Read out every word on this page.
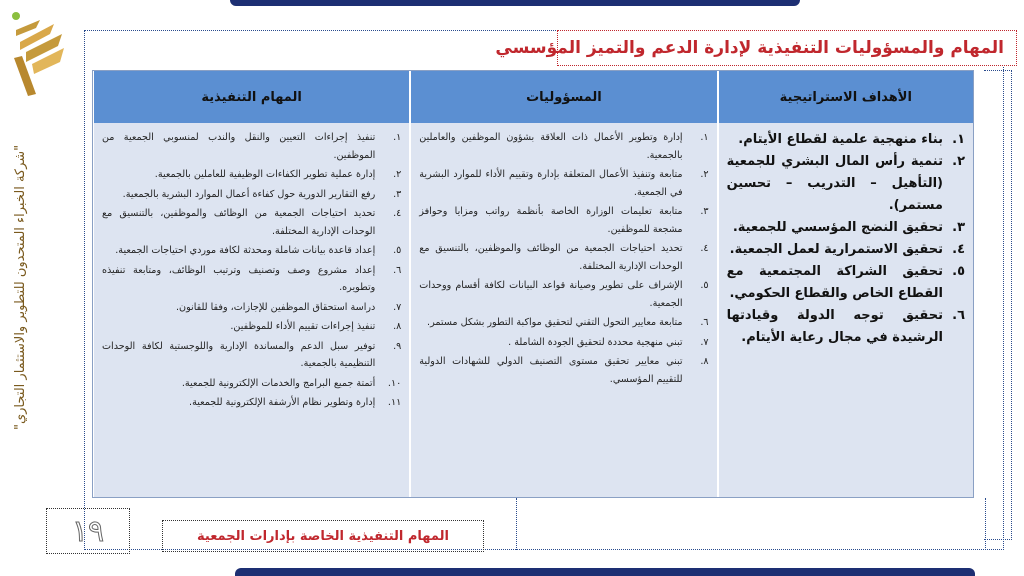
"شركة الخبراء المتحدون للتطوير والاستثمار التجاري"
المهام والمسؤوليات التنفيذية لإدارة الدعم والتميز المؤسسي
الأهداف الاستراتيجية
١.
بناء منهجية علمية لقطاع الأيتام.
٢.
تنمية رأس المال البشري للجمعية (التأهيل – التدريب – تحسين مستمر).
٣.
تحقيق النضج المؤسسي للجمعية.
٤.
تحقيق الاستمرارية لعمل الجمعية.
٥.
تحقيق الشراكة المجتمعية مع القطاع الخاص والقطاع الحكومي.
٦.
تحقيق توجه الدولة وقيادتها الرشيدة في مجال رعاية الأيتام.
المسؤوليات
١.
إدارة وتطوير الأعمال ذات العلاقة بشؤون الموظفين والعاملين بالجمعية.
٢.
متابعة وتنفيذ الأعمال المتعلقة بإدارة وتقييم الأداء للموارد البشرية في الجمعية.
٣.
متابعة تعليمات الوزارة الخاصة بأنظمة رواتب ومزايا وحوافز مشجعة للموظفين.
٤.
تحديد احتياجات الجمعية من الوظائف والموظفين، بالتنسيق مع الوحدات الإدارية المختلفة.
٥.
الإشراف على تطوير وصيانة قواعد البيانات لكافة أقسام ووحدات الجمعية.
٦.
متابعة معايير التحول التقني لتحقيق مواكبة التطور بشكل مستمر.
٧.
تبني منهجية محددة لتحقيق الجودة الشاملة .
٨.
تبني معايير تحقيق مستوى التصنيف الدولي للشهادات الدولية للتقييم المؤسسي.
المهام التنفيذية
١.
تنفيذ إجراءات التعيين والنقل والندب لمنسوبي الجمعية من الموظفين.
٢.
إدارة عملية تطوير الكفاءات الوظيفية للعاملين بالجمعية.
٣.
رفع التقارير الدورية حول كفاءة أعمال الموارد البشرية بالجمعية.
٤.
تحديد احتياجات الجمعية من الوظائف والموظفين، بالتنسيق مع الوحدات الإدارية المختلفة.
٥.
إعداد قاعدة بيانات شاملة ومحدثة لكافة موردي احتياجات الجمعية.
٦.
إعداد مشروع وصف وتصنيف وترتيب الوظائف، ومتابعة تنفيذه وتطويره.
٧.
دراسة استحقاق الموظفين للإجازات، وفقا للقانون.
٨.
تنفيذ إجراءات تقييم الأداء للموظفين.
٩.
توفير سبل الدعم والمساندة الإدارية واللوجستية لكافة الوحدات التنظيمية بالجمعية.
١٠.
أتمتة جميع البرامج والخدمات الإلكترونية للجمعية.
١١.
إدارة وتطوير نظام الأرشفة الإلكترونية للجمعية.
١٩	المهام التنفيذية الخاصة بإدارات الجمعية
